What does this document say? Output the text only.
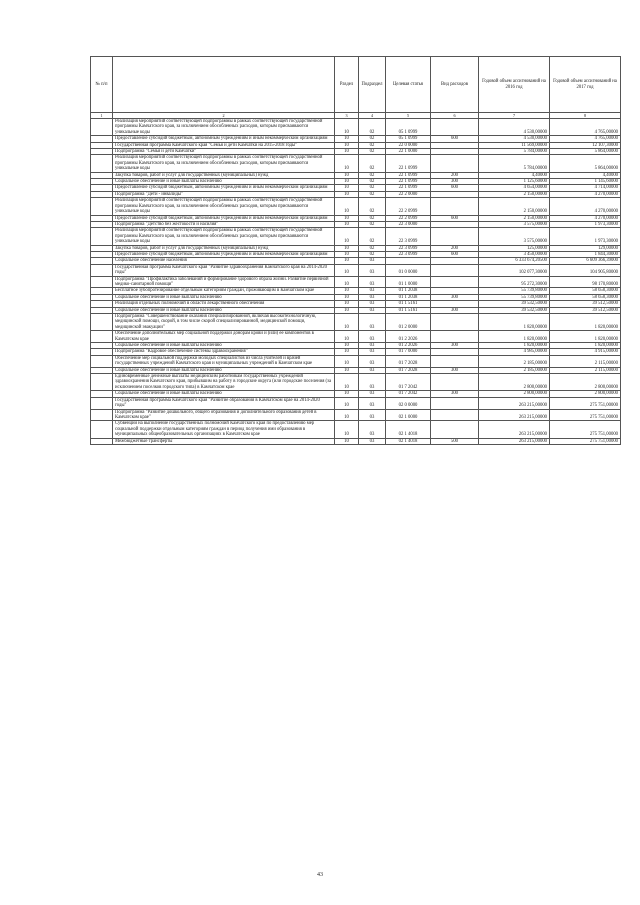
№ п/п		Раздел	Подраздел	Целевая статья	Вид расходов	Годовой объем ассигнований на 2016 год	Годовой объем ассигнований на 2017 год
1	2	3	4	5	6	7	8
	Реализация мероприятий соответствующей подпрограммы в рамках соответствующей государственной программы Камчатского края, за исключением обособленных расходов, которым присваиваются уникальные коды	10	02	05 1 0999		4 530,00000	4 765,00000
	Предоставление субсидий бюджетным, автономным учреждениям и иным некоммерческим организациям	10	02	05 1 0999	600	4 530,00000	4 765,00000
	Государственная программа Камчатского края "Семья и дети Камчатки на 2015-2018 годы"	10	02	22 0 0000		11 569,00000	12 107,30000
	Подпрограмма "Семья и дети Камчатки"	10	02	22 1 0000		5 784,00000	5 864,00000
	Реализация мероприятий соответствующей подпрограммы в рамках соответствующей государственной программы Камчатского края, за исключением обособленных расходов, которым присваиваются уникальные коды	10	02	22 1 0999		5 784,00000	5 864,00000
	Закупка товаров, работ и услуг для государственных (муниципальных) нужд	10	02	22 1 0999	200	4,40000	4,40000
	Социальное обеспечение и иные выплаты населению	10	02	22 1 0999	300	1 125,60000	1 145,60000
	Предоставление субсидий бюджетным, автономным учреждениям и иным некоммерческим организациям	10	02	22 1 0999	600	4 654,00000	4 714,00000
	Подпрограмма "Дети - инвалиды"	10	02	22 2 0000		2 150,00000	4 270,00000
	Реализация мероприятий соответствующей подпрограммы в рамках соответствующей государственной программы Камчатского края, за исключением обособленных расходов, которым присваиваются уникальные коды	10	02	22 2 0999		2 150,00000	4 270,00000
	Предоставление субсидий бюджетным, автономным учреждениям и иным некоммерческим организациям	10	02	22 2 0999	600	2 150,00000	4 270,00000
	Подпрограмма "Детство без жестокости и насилия"	10	02	22 3 0000		3 575,00000	1 973,30000
	Реализация мероприятий соответствующей подпрограммы в рамках соответствующей государственной программы Камчатского края, за исключением обособленных расходов, которым присваиваются уникальные коды	10	02	22 3 0999		3 575,00000	1 973,30000
	Закупка товаров, работ и услуг для государственных (муниципальных) нужд	10	02	22 3 0999	200	125,00000	129,00000
	Предоставление субсидий бюджетным, автономным учреждениям и иным некоммерческим организациям	10	02	22 3 0999	600	3 450,00000	1 844,30000
	Социальное обеспечение населения	10	03			6 333 674,20500	6 609 366,39000
	Государственная программа Камчатского края "Развитие здравоохранения Камчатского края на 2014-2020 годы"	10	03	01 0 0000		102 077,30000	104 905,80000
	Подпрограмма "Профилактика заболеваний и формирование здорового образа жизни. Развитие первичной медико-санитарной помощи"	10	03	01 1 0000		95 272,30000	98 170,80000
	Бесплатное зубопротезирование отдельным категориям граждан, проживающим в Камчатском крае	10	03	01 1 2038		55 739,80000	58 658,30000
	Социальное обеспечение и иные выплаты населению	10	03	01 1 2038	300	55 739,80000	58 658,30000
	Реализация отдельных полномочий в области лекарственного обеспечения	10	03	01 1 5161		39 532,50000	39 512,50000
	Социальное обеспечение и иные выплаты населению	10	03	01 1 5161	300	39 532,50000	39 512,50000
	Подпрограмма "Совершенствование оказания специализированной, включая высокотехнологичную, медицинской помощи, скорой, в том числе скорой специализированной, медицинской помощи, медицинской эвакуации"	10	03	01 2 0000		1 820,00000	1 820,00000
	Обеспечение дополнительных мер социальной поддержки донорам крови и (или) ее компонентов в Камчатском крае	10	03	01 2 2026		1 820,00000	1 820,00000
	Социальное обеспечение и иные выплаты населению	10	03	01 2 2026	300	1 820,00000	1 820,00000
	Подпрограмма "Кадровое обеспечение системы здравоохранения"	10	03	01 7 0000		4 985,00000	4 915,00000
	Обеспечение мер социальной поддержки молодых специалистов из числа учителей и врачей государственных учреждений Камчатского края и муниципальных учреждений в Камчатском крае	10	03	01 7 2028		2 185,00000	2 115,00000
	Социальное обеспечение и иные выплаты населению	10	03	01 7 2028	300	2 185,00000	2 115,00000
	Единовременные денежные выплаты медицинским работникам государственных учреждений здравоохранения Камчатского края, прибывшим на работу в городские округа (или городские поселения (за исключением поселков городского типа) в Камчатском крае	10	03	01 7 2042		2 800,00000	2 800,00000
	Социальное обеспечение и иные выплаты населению	10	03	01 7 2042	300	2 800,00000	2 800,00000
	Государственная программа Камчатского края "Развитие образования в Камчатском крае на 2014-2020 годы"	10	03	02 0 0000		263 215,00000	275 751,00000
	Подпрограмма "Развитие дошкольного, общего образования и дополнительного образования детей в Камчатском крае"	10	03	02 1 0000		263 215,00000	275 751,00000
	Субвенции на выполнение государственных полномочий Камчатского края по предоставлению мер социальной поддержки отдельным категориям граждан в период получения ими образования в муниципальных общеобразовательных организациях в Камчатском крае	10	03	02 1 4018		263 215,00000	275 751,00000
	Межбюджетные трансферты	10	03	02 1 4018	500	263 215,00000	275 751,00000
43
